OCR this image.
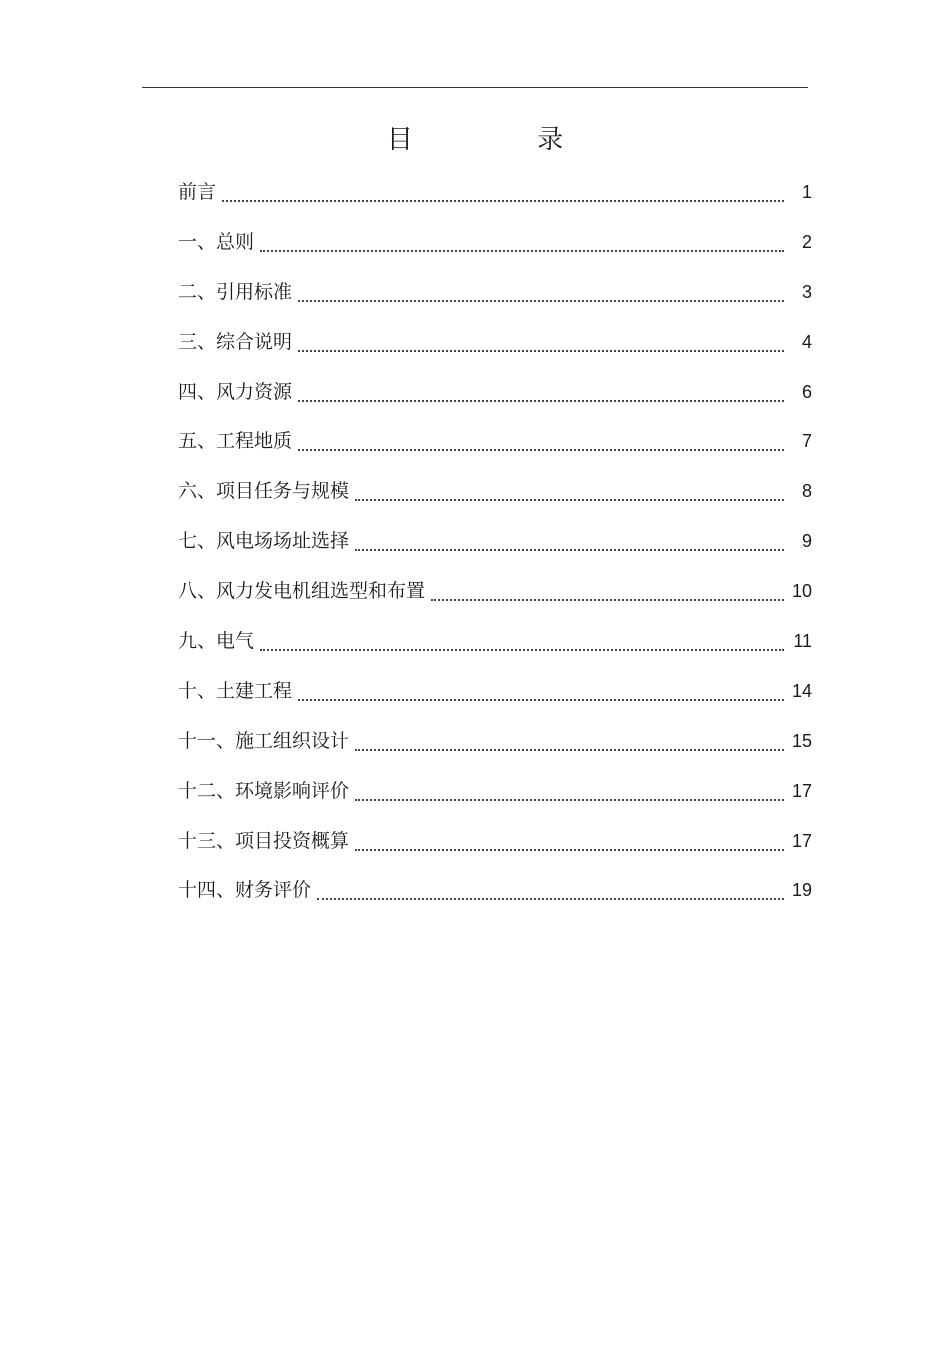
目 录
前言	1
一、总则	2
二、引用标准	3
三、综合说明	4
四、风力资源	6
五、工程地质	7
六、项目任务与规模	8
七、风电场场址选择	9
八、风力发电机组选型和布置	10
九、电气	11
十、土建工程	14
十一、施工组织设计	15
十二、环境影响评价	17
十三、项目投资概算	17
十四、财务评价	19
